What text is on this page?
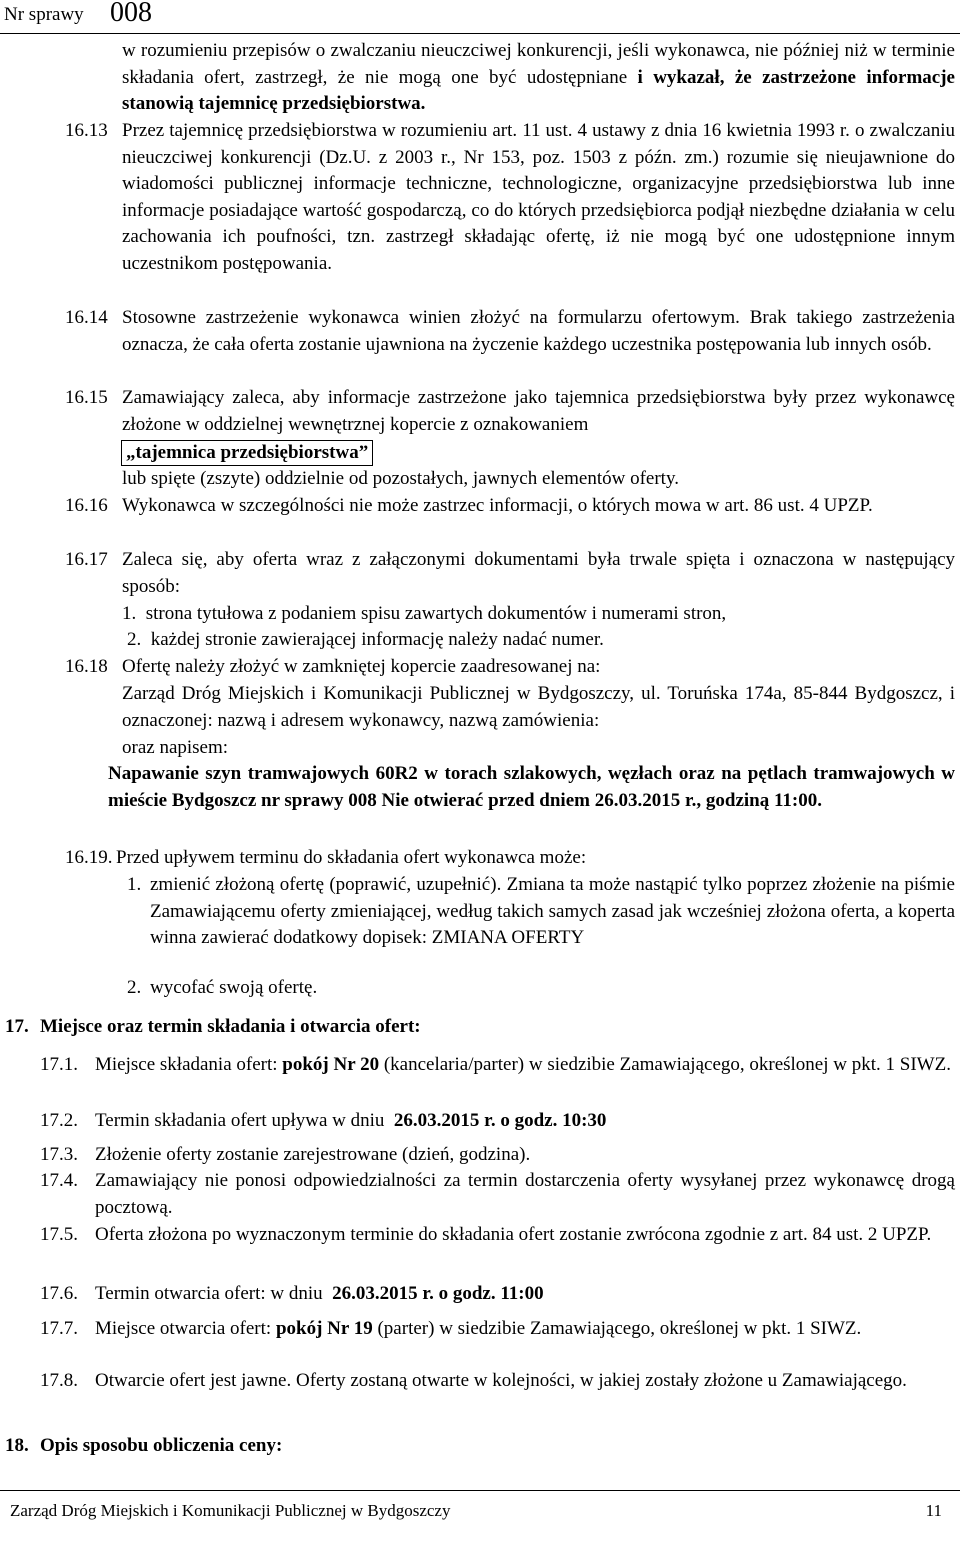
Nr sprawy 008

w rozumieniu przepisów o zwalczaniu nieuczciwej konkurencji, jeśli wykonawca, nie później niż w terminie składania ofert, zastrzegł, że nie mogą one być udostępniane i wykazał, że zastrzeżone informacje stanowią tajemnicę przedsiębiorstwa.

16.13 Przez tajemnicę przedsiębiorstwa w rozumieniu art. 11 ust. 4 ustawy z dnia 16 kwietnia 1993 r. o zwalczaniu nieuczciwej konkurencji (Dz.U. z 2003 r., Nr 153, poz. 1503 z późn. zm.) rozumie się nieujawnione do wiadomości publicznej informacje techniczne, technologiczne, organizacyjne przedsiębiorstwa lub inne informacje posiadające wartość gospodarczą, co do których przedsiębiorca podjął niezbędne działania w celu zachowania ich poufności, tzn. zastrzegł składając ofertę, iż nie mogą być one udostępnione innym uczestnikom postępowania.

16.14 Stosowne zastrzeżenie wykonawca winien złożyć na formularzu ofertowym. Brak takiego zastrzeżenia oznacza, że cała oferta zostanie ujawniona na życzenie każdego uczestnika postępowania lub innych osób.

16.15 Zamawiający zaleca, aby informacje zastrzeżone jako tajemnica przedsiębiorstwa były przez wykonawcę złożone w oddzielnej wewnętrznej kopercie z oznakowaniem

„tajemnica przedsiębiorstwa”

lub spięte (zszyte) oddzielnie od pozostałych, jawnych elementów oferty.

16.16 Wykonawca w szczególności nie może zastrzec informacji, o których mowa w art. 86 ust. 4 UPZP.

16.17 Zaleca się, aby oferta wraz z załączonymi dokumentami była trwale spięta i oznaczona w następujący sposób:

1.  strona tytułowa z podaniem spisu zawartych dokumentów i numerami stron,

2.  każdej stronie zawierającej informację należy nadać numer.

16.18 Ofertę należy złożyć w zamkniętej kopercie zaadresowanej na:

Zarząd Dróg Miejskich i Komunikacji Publicznej w Bydgoszczy, ul. Toruńska 174a, 85-844 Bydgoszcz, i oznaczonej: nazwą i adresem wykonawcy, nazwą zamówienia:

oraz napisem:

Napawanie szyn tramwajowych 60R2 w torach szlakowych, węzłach oraz na pętlach tramwajowych w mieście Bydgoszcz nr sprawy 008 Nie otwierać przed dniem 26.03.2015 r., godziną 11:00.

16.19. Przed upływem terminu do składania ofert wykonawca może:

1. zmienić złożoną ofertę (poprawić, uzupełnić). Zmiana ta może nastąpić tylko poprzez złożenie na piśmie Zamawiającemu oferty zmieniającej, według takich samych zasad jak wcześniej złożona oferta, a koperta winna zawierać dodatkowy dopisek: ZMIANA OFERTY

2. wycofać swoją ofertę.

17. Miejsce oraz termin składania i otwarcia ofert:

17.1. Miejsce składania ofert: pokój Nr 20 (kancelaria/parter) w siedzibie Zamawiającego, określonej w pkt. 1 SIWZ.

17.2. Termin składania ofert upływa w dniu  26.03.2015 r. o godz. 10:30

17.3. Złożenie oferty zostanie zarejestrowane (dzień, godzina).

17.4. Zamawiający nie ponosi odpowiedzialności za termin dostarczenia oferty wysyłanej przez wykonawcę drogą pocztową.

17.5. Oferta złożona po wyznaczonym terminie do składania ofert zostanie zwrócona zgodnie z art. 84 ust. 2 UPZP.

17.6. Termin otwarcia ofert: w dniu  26.03.2015 r. o godz. 11:00

17.7. Miejsce otwarcia ofert: pokój Nr 19 (parter) w siedzibie Zamawiającego, określonej w pkt. 1 SIWZ.

17.8. Otwarcie ofert jest jawne. Oferty zostaną otwarte w kolejności, w jakiej zostały złożone u Zamawiającego.

18. Opis sposobu obliczenia ceny:

Zarząd Dróg Miejskich i Komunikacji Publicznej w Bydgoszczy	11
